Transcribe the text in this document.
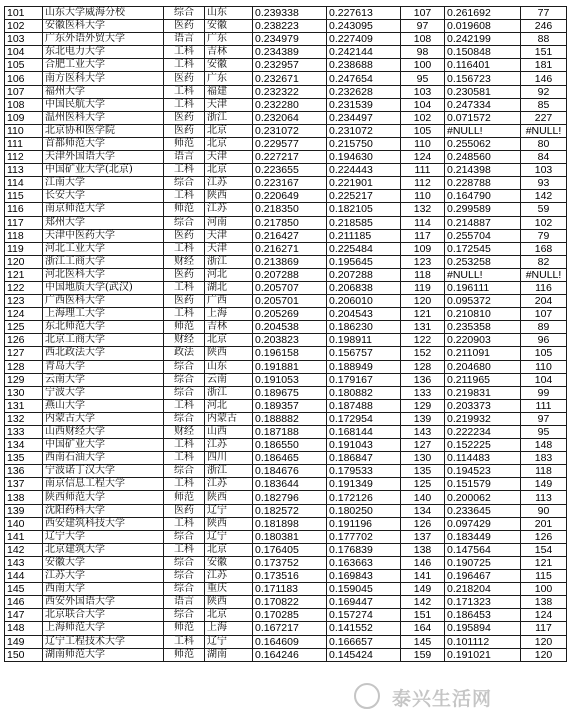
101	山东大学威海分校	综合	山东	0.239338	0.227613	107	0.261692	77
102	安徽医科大学	医药	安徽	0.238223	0.243095	97	0.019608	246
103	广东外语外贸大学	语言	广东	0.234979	0.227409	108	0.242199	88
104	东北电力大学	工科	吉林	0.234389	0.242144	98	0.150848	151
105	合肥工业大学	工科	安徽	0.232957	0.238688	100	0.116401	181
106	南方医科大学	医药	广东	0.232671	0.247654	95	0.156723	146
107	福州大学	工科	福建	0.232322	0.232628	103	0.230581	92
108	中国民航大学	工科	天津	0.232280	0.231539	104	0.247334	85
109	温州医科大学	医药	浙江	0.232064	0.234497	102	0.071572	227
110	北京协和医学院	医药	北京	0.231072	0.231072	105	#NULL!	#NULL!
111	首都师范大学	师范	北京	0.229577	0.215750	110	0.255062	80
112	天津外国语大学	语言	天津	0.227217	0.194630	124	0.248560	84
113	中国矿业大学(北京)	工科	北京	0.223655	0.224443	111	0.214398	103
114	江南大学	综合	江苏	0.223167	0.221901	112	0.228788	93
115	长安大学	工科	陕西	0.220649	0.225217	110	0.164790	142
116	南京师范大学	师范	江苏	0.218350	0.182105	132	0.299589	59
117	郑州大学	综合	河南	0.217850	0.218585	114	0.214887	102
118	天津中医药大学	医药	天津	0.216427	0.211185	117	0.255704	79
119	河北工业大学	工科	天津	0.216271	0.225484	109	0.172545	168
120	浙江工商大学	财经	浙江	0.213869	0.195645	123	0.253258	82
121	河北医科大学	医药	河北	0.207288	0.207288	118	#NULL!	#NULL!
122	中国地质大学(武汉)	工科	湖北	0.205707	0.206838	119	0.196111	116
123	广西医科大学	医药	广西	0.205701	0.206010	120	0.095372	204
124	上海理工大学	工科	上海	0.205269	0.204543	121	0.210810	107
125	东北师范大学	师范	吉林	0.204538	0.186230	131	0.235358	89
126	北京工商大学	财经	北京	0.203823	0.198911	122	0.220903	96
127	西北政法大学	政法	陕西	0.196158	0.156757	152	0.211091	105
128	青岛大学	综合	山东	0.191881	0.188949	128	0.204680	110
129	云南大学	综合	云南	0.191053	0.179167	136	0.211965	104
130	宁波大学	综合	浙江	0.189675	0.180882	133	0.219831	99
131	燕山大学	工科	河北	0.189357	0.187488	129	0.203373	111
132	内蒙古大学	综合	内蒙古	0.188882	0.172954	139	0.219932	97
133	山西财经大学	财经	山西	0.187188	0.168144	143	0.222234	95
134	中国矿业大学	工科	江苏	0.186550	0.191043	127	0.152225	148
135	西南石油大学	工科	四川	0.186465	0.186847	130	0.114483	183
136	宁波诺丁汉大学	综合	浙江	0.184676	0.179533	135	0.194523	118
137	南京信息工程大学	工科	江苏	0.183644	0.191349	125	0.151579	149
138	陕西师范大学	师范	陕西	0.182796	0.172126	140	0.200062	113
139	沈阳药科大学	医药	辽宁	0.182572	0.180250	134	0.233645	90
140	西安建筑科技大学	工科	陕西	0.181898	0.191196	126	0.097429	201
141	辽宁大学	综合	辽宁	0.180381	0.177702	137	0.183449	126
142	北京建筑大学	工科	北京	0.176405	0.176839	138	0.147564	154
143	安徽大学	综合	安徽	0.173752	0.163663	146	0.190725	121
144	江苏大学	综合	江苏	0.173516	0.169843	141	0.196467	115
145	西南大学	综合	重庆	0.171183	0.159045	149	0.218204	100
146	西安外国语大学	语言	陕西	0.170822	0.169447	142	0.171323	138
147	北京联合大学	综合	北京	0.170285	0.157274	151	0.186453	124
148	上海师范大学	师范	上海	0.167217	0.141552	164	0.195894	117
149	辽宁工程技术大学	工科	辽宁	0.164609	0.166657	145	0.101112	120
150	湖南师范大学	师范	湖南	0.164246	0.145424	159	0.191021	120
泰兴生活网
